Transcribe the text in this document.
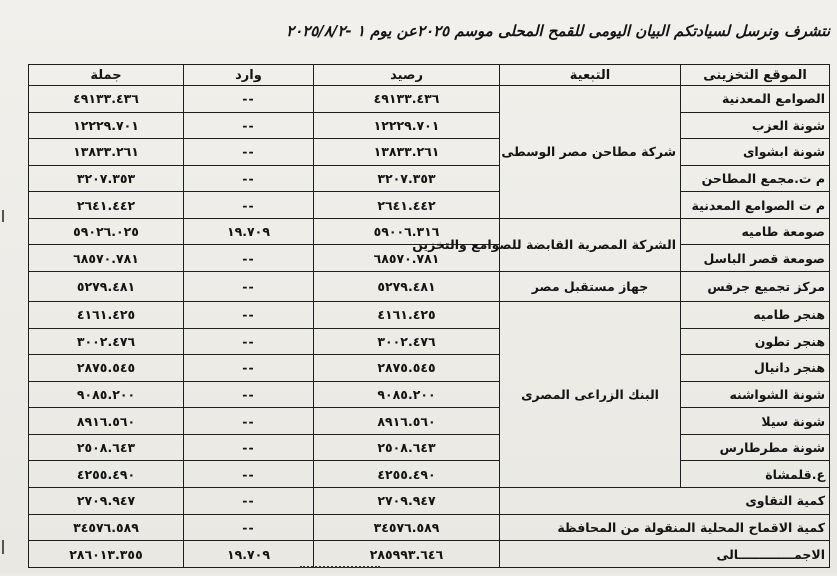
نتشرف ونرسل لسيادتكم البيان اليومى للقمح المحلى موسم ٢٠٢٥عن يوم ١ -٢٠٢٥/٨/٢
الموقع التخزينى	التبعية	رصيد	وارد	جملة
الصوامع المعدنية	شركة مطاحن مصر الوسطى	٤٩١٣٣.٤٣٦	--	٤٩١٣٣.٤٣٦
شونة العزب		١٢٢٢٩.٧٠١	--	١٢٢٢٩.٧٠١
شونة ابشواى		١٣٨٣٣.٢٦١	--	١٣٨٣٣.٢٦١
م ت.مجمع المطاحن		٣٢٠٧.٣٥٣	--	٣٢٠٧.٣٥٣
م ت الصوامع المعدنية		٢٦٤١.٤٤٢	--	٢٦٤١.٤٤٢
صومعة طاميه	الشركة المصرية القابضة للصوامع والتخزين	٥٩٠٠٦.٣١٦	١٩.٧٠٩	٥٩٠٢٦.٠٢٥
صومعة قصر الباسل		٦٨٥٧٠.٧٨١	--	٦٨٥٧٠.٧٨١
مركز تجميع جرفس	جهاز مستقبل مصر	٥٢٧٩.٤٨١	--	٥٢٧٩.٤٨١
هنجر طاميه	البنك الزراعى المصرى	٤١٦١.٤٢٥	--	٤١٦١.٤٢٥
هنجر تطون		٣٠٠٢.٤٧٦	--	٣٠٠٢.٤٧٦
هنجر دانيال		٢٨٧٥.٥٤٥	--	٢٨٧٥.٥٤٥
شونة الشواشنه		٩٠٨٥.٢٠٠	--	٩٠٨٥.٢٠٠
شونة سيلا		٨٩١٦.٥٦٠	--	٨٩١٦.٥٦٠
شونة مطرطارس		٢٥٠٨.٦٤٣	--	٢٥٠٨.٦٤٣
ع.قلمشاة		٤٢٥٥.٤٩٠	--	٤٢٥٥.٤٩٠
كمية التقاوى		٢٧٠٩.٩٤٧	--	٢٧٠٩.٩٤٧
كمية الاقماح المحلية المنقولة من المحافظة		٣٤٥٧٦.٥٨٩	--	٣٤٥٧٦.٥٨٩
الاجمـــــــــــــالى		٢٨٥٩٩٣.٦٤٦	١٩.٧٠٩	٢٨٦٠١٣.٣٥٥
